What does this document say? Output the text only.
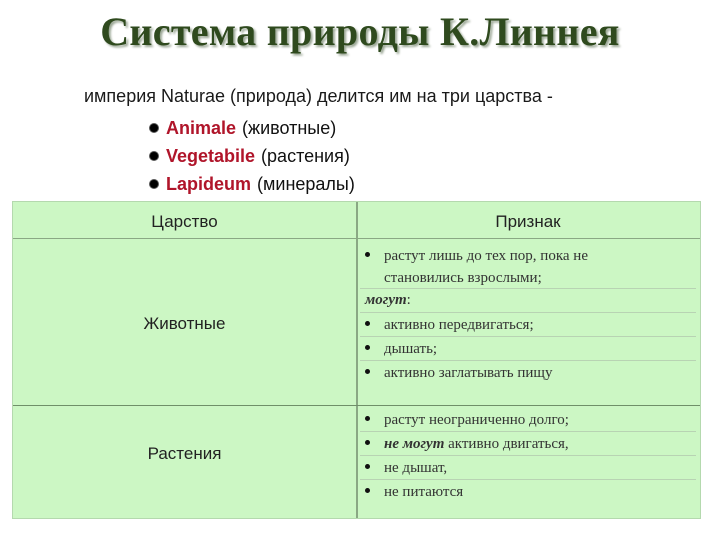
Система природы К.Линнея
империя Naturae (природа) делится им на три царства -
Animale (животные)
Vegetabile (растения)
Lapideum (минералы)
Царство	Признак
Животные
растут лишь до тех пор, пока не
становились взрослыми;
могут:
активно передвигаться;
дышать;
активно заглатывать пищу
Растения
растут неограниченно долго;
не могут активно двигаться,
не дышат,
не питаются
